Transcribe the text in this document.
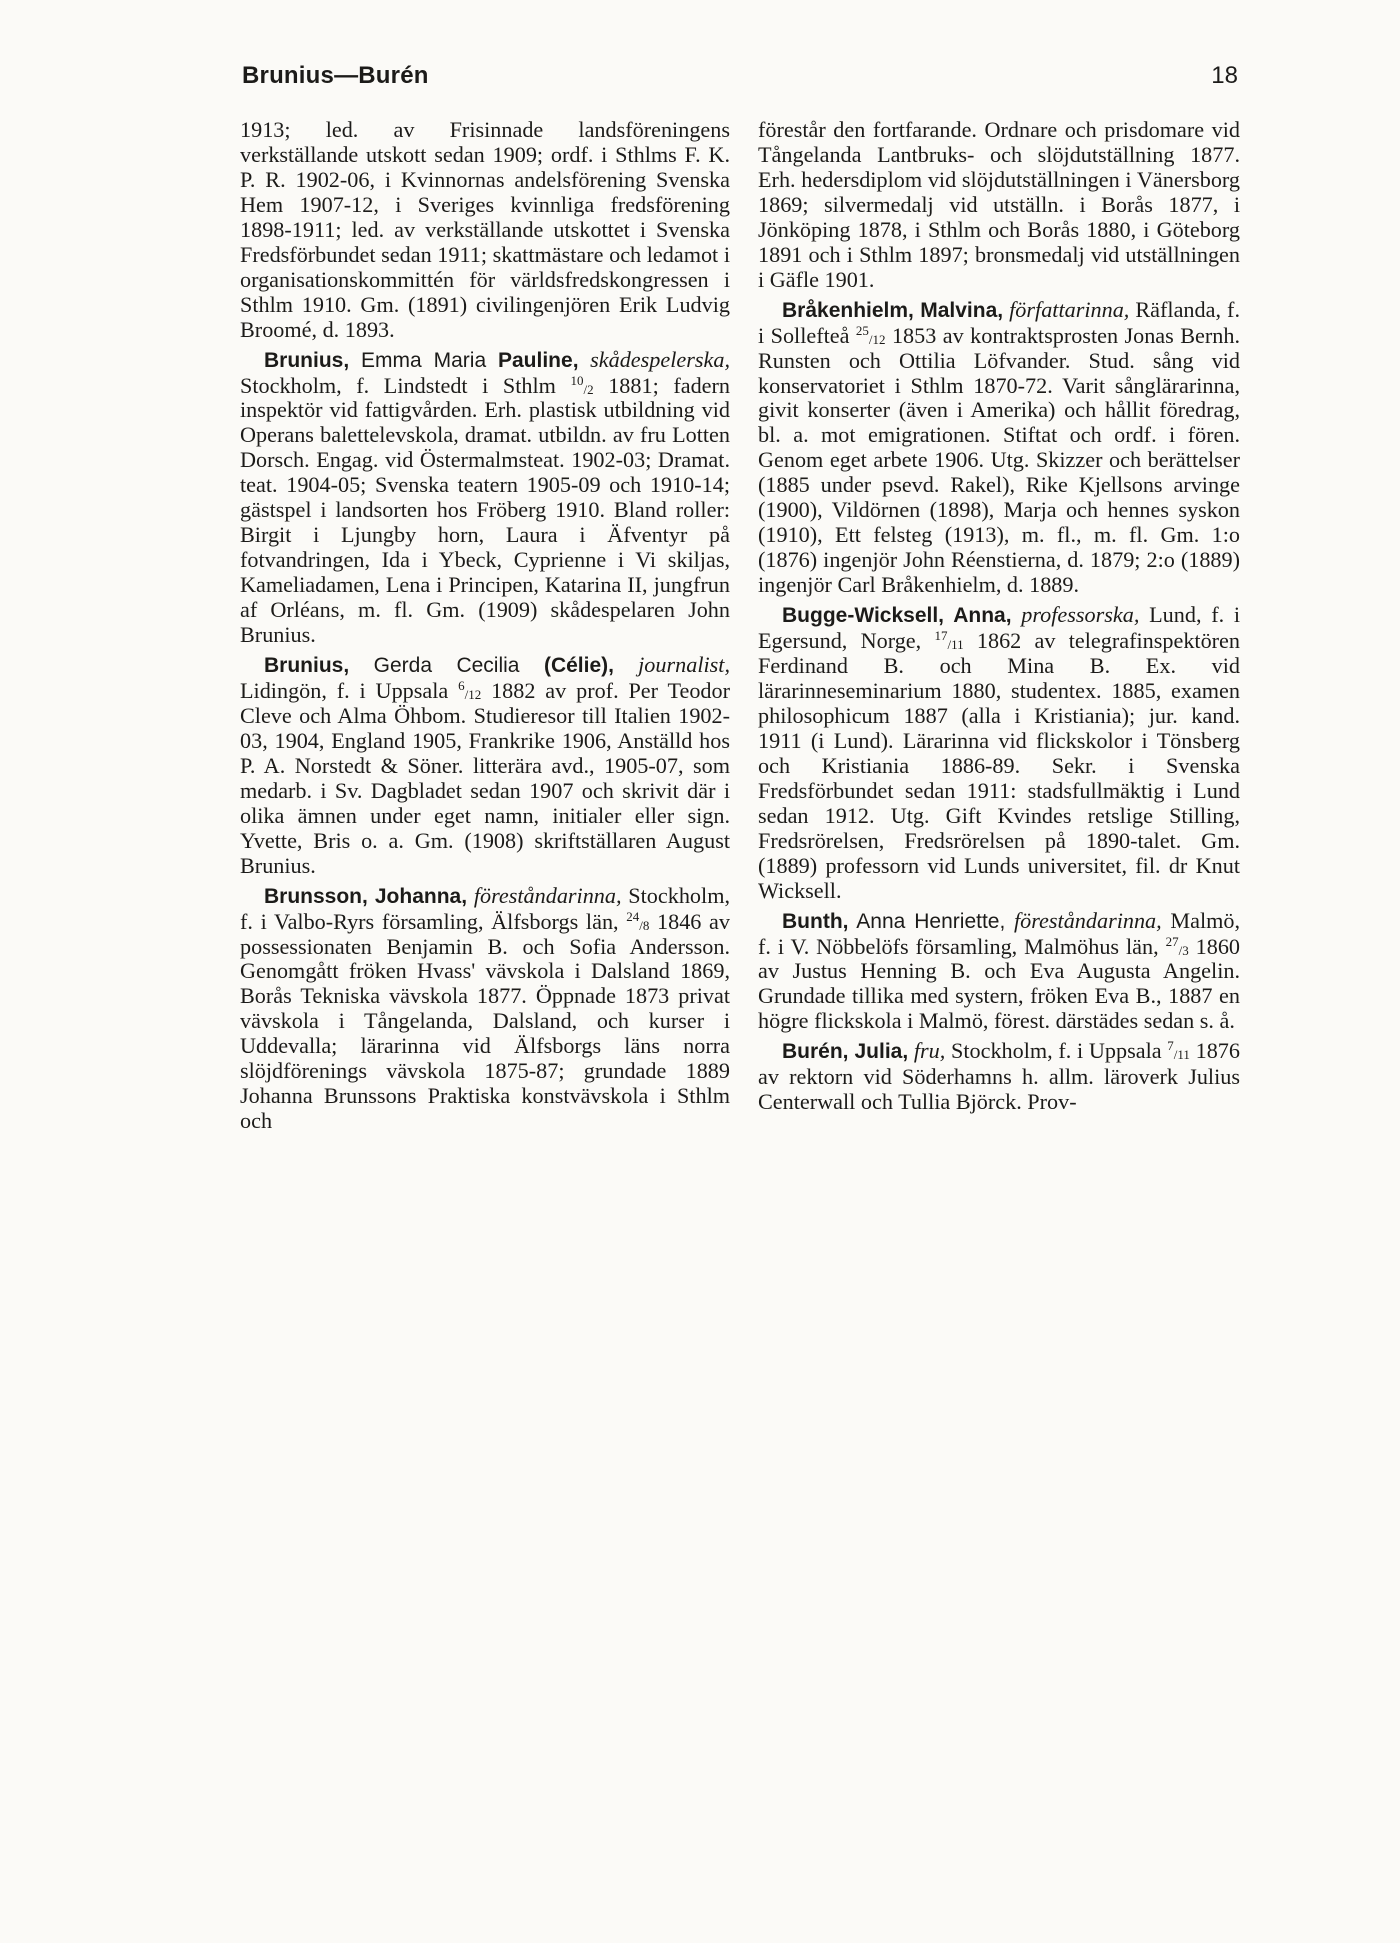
Brunius—Burén	18

1913; led. av Frisinnade landsföreningens verkställande utskott sedan 1909; ordf. i Sthlms F. K. P. R. 1902-06, i Kvinnornas andelsförening Svenska Hem 1907-12, i Sveriges kvinnliga fredsförening 1898-1911; led. av verkställande utskottet i Svenska Fredsförbundet sedan 1911; skattmästare och ledamot i organisationskommittén för världsfredskongressen i Sthlm 1910. Gm. (1891) civilingenjören Erik Ludvig Broomé, d. 1893.

Brunius, Emma Maria Pauline, skådespelerska, Stockholm, f. Lindstedt i Sthlm $^{10}_{/2}$ 1881; fadern inspektör vid fattigvården. Erh. plastisk utbildning vid Operans balettelevskola, dramat. utbildn. av fru Lotten Dorsch. Engag. vid Östermalmsteat. 1902-03; Dramat. teat. 1904-05; Svenska teatern 1905-09 och 1910-14; gästspel i landsorten hos Fröberg 1910. Bland roller: Birgit i Ljungby horn, Laura i Äfventyr på fotvandringen, Ida i Ybeck, Cyprienne i Vi skiljas, Kameliadamen, Lena i Principen, Katarina II, jungfrun af Orléans, m. fl. Gm. (1909) skådespelaren John Brunius.

Brunius, Gerda Cecilia (Célie), journalist, Lidingön, f. i Uppsala $^6_{/12}$ 1882 av prof. Per Teodor Cleve och Alma Öhbom. Studieresor till Italien 1902-03, 1904, England 1905, Frankrike 1906, Anställd hos P. A. Norstedt & Söner. litterära avd., 1905-07, som medarb. i Sv. Dagbladet sedan 1907 och skrivit där i olika ämnen under eget namn, initialer eller sign. Yvette, Bris o. a. Gm. (1908) skriftställaren August Brunius.

Brunsson, Johanna, föreståndarinna, Stockholm, f. i Valbo-Ryrs församling, Älfsborgs län, $^{24}_{/8}$ 1846 av possessionaten Benjamin B. och Sofia Andersson. Genomgått fröken Hvass' vävskola i Dalsland 1869, Borås Tekniska vävskola 1877. Öppnade 1873 privat vävskola i Tångelanda, Dalsland, och kurser i Uddevalla; lärarinna vid Älfsborgs läns norra slöjdförenings vävskola 1875-87; grundade 1889 Johanna Brunssons Praktiska konstvävskola i Sthlm och

förestår den fortfarande. Ordnare och prisdomare vid Tångelanda Lantbruks- och slöjdutställning 1877. Erh. hedersdiplom vid slöjdutställningen i Vänersborg 1869; silvermedalj vid utställn. i Borås 1877, i Jönköping 1878, i Sthlm och Borås 1880, i Göteborg 1891 och i Sthlm 1897; bronsmedalj vid utställningen i Gäfle 1901.

Bråkenhielm, Malvina, författarinna, Räflanda, f. i Sollefteå $^{25}_{/12}$ 1853 av kontraktsprosten Jonas Bernh. Runsten och Ottilia Löfvander. Stud. sång vid konservatoriet i Sthlm 1870-72. Varit sånglärarinna, givit konserter (även i Amerika) och hållit föredrag, bl. a. mot emigrationen. Stiftat och ordf. i fören. Genom eget arbete 1906. Utg. Skizzer och berättelser (1885 under psevd. Rakel), Rike Kjellsons arvinge (1900), Vildörnen (1898), Marja och hennes syskon (1910), Ett felsteg (1913), m. fl., m. fl. Gm. 1:o (1876) ingenjör John Réenstierna, d. 1879; 2:o (1889) ingenjör Carl Bråkenhielm, d. 1889.

Bugge-Wicksell, Anna, professorska, Lund, f. i Egersund, Norge, $^{17}_{/11}$ 1862 av telegrafinspektören Ferdinand B. och Mina B. Ex. vid lärarinneseminarium 1880, studentex. 1885, examen philosophicum 1887 (alla i Kristiania); jur. kand. 1911 (i Lund). Lärarinna vid flickskolor i Tönsberg och Kristiania 1886-89. Sekr. i Svenska Fredsförbundet sedan 1911: stadsfullmäktig i Lund sedan 1912. Utg. Gift Kvindes retslige Stilling, Fredsrörelsen, Fredsrörelsen på 1890-talet. Gm. (1889) professorn vid Lunds universitet, fil. dr Knut Wicksell.

Bunth, Anna Henriette, föreståndarinna, Malmö, f. i V. Nöbbelöfs församling, Malmöhus län, $^{27}_{/3}$ 1860 av Justus Henning B. och Eva Augusta Angelin. Grundade tillika med systern, fröken Eva B., 1887 en högre flickskola i Malmö, förest. därstädes sedan s. å.

Burén, Julia, fru, Stockholm, f. i Uppsala $^7_{/11}$ 1876 av rektorn vid Söderhamns h. allm. läroverk Julius Centerwall och Tullia Björck. Prov-
